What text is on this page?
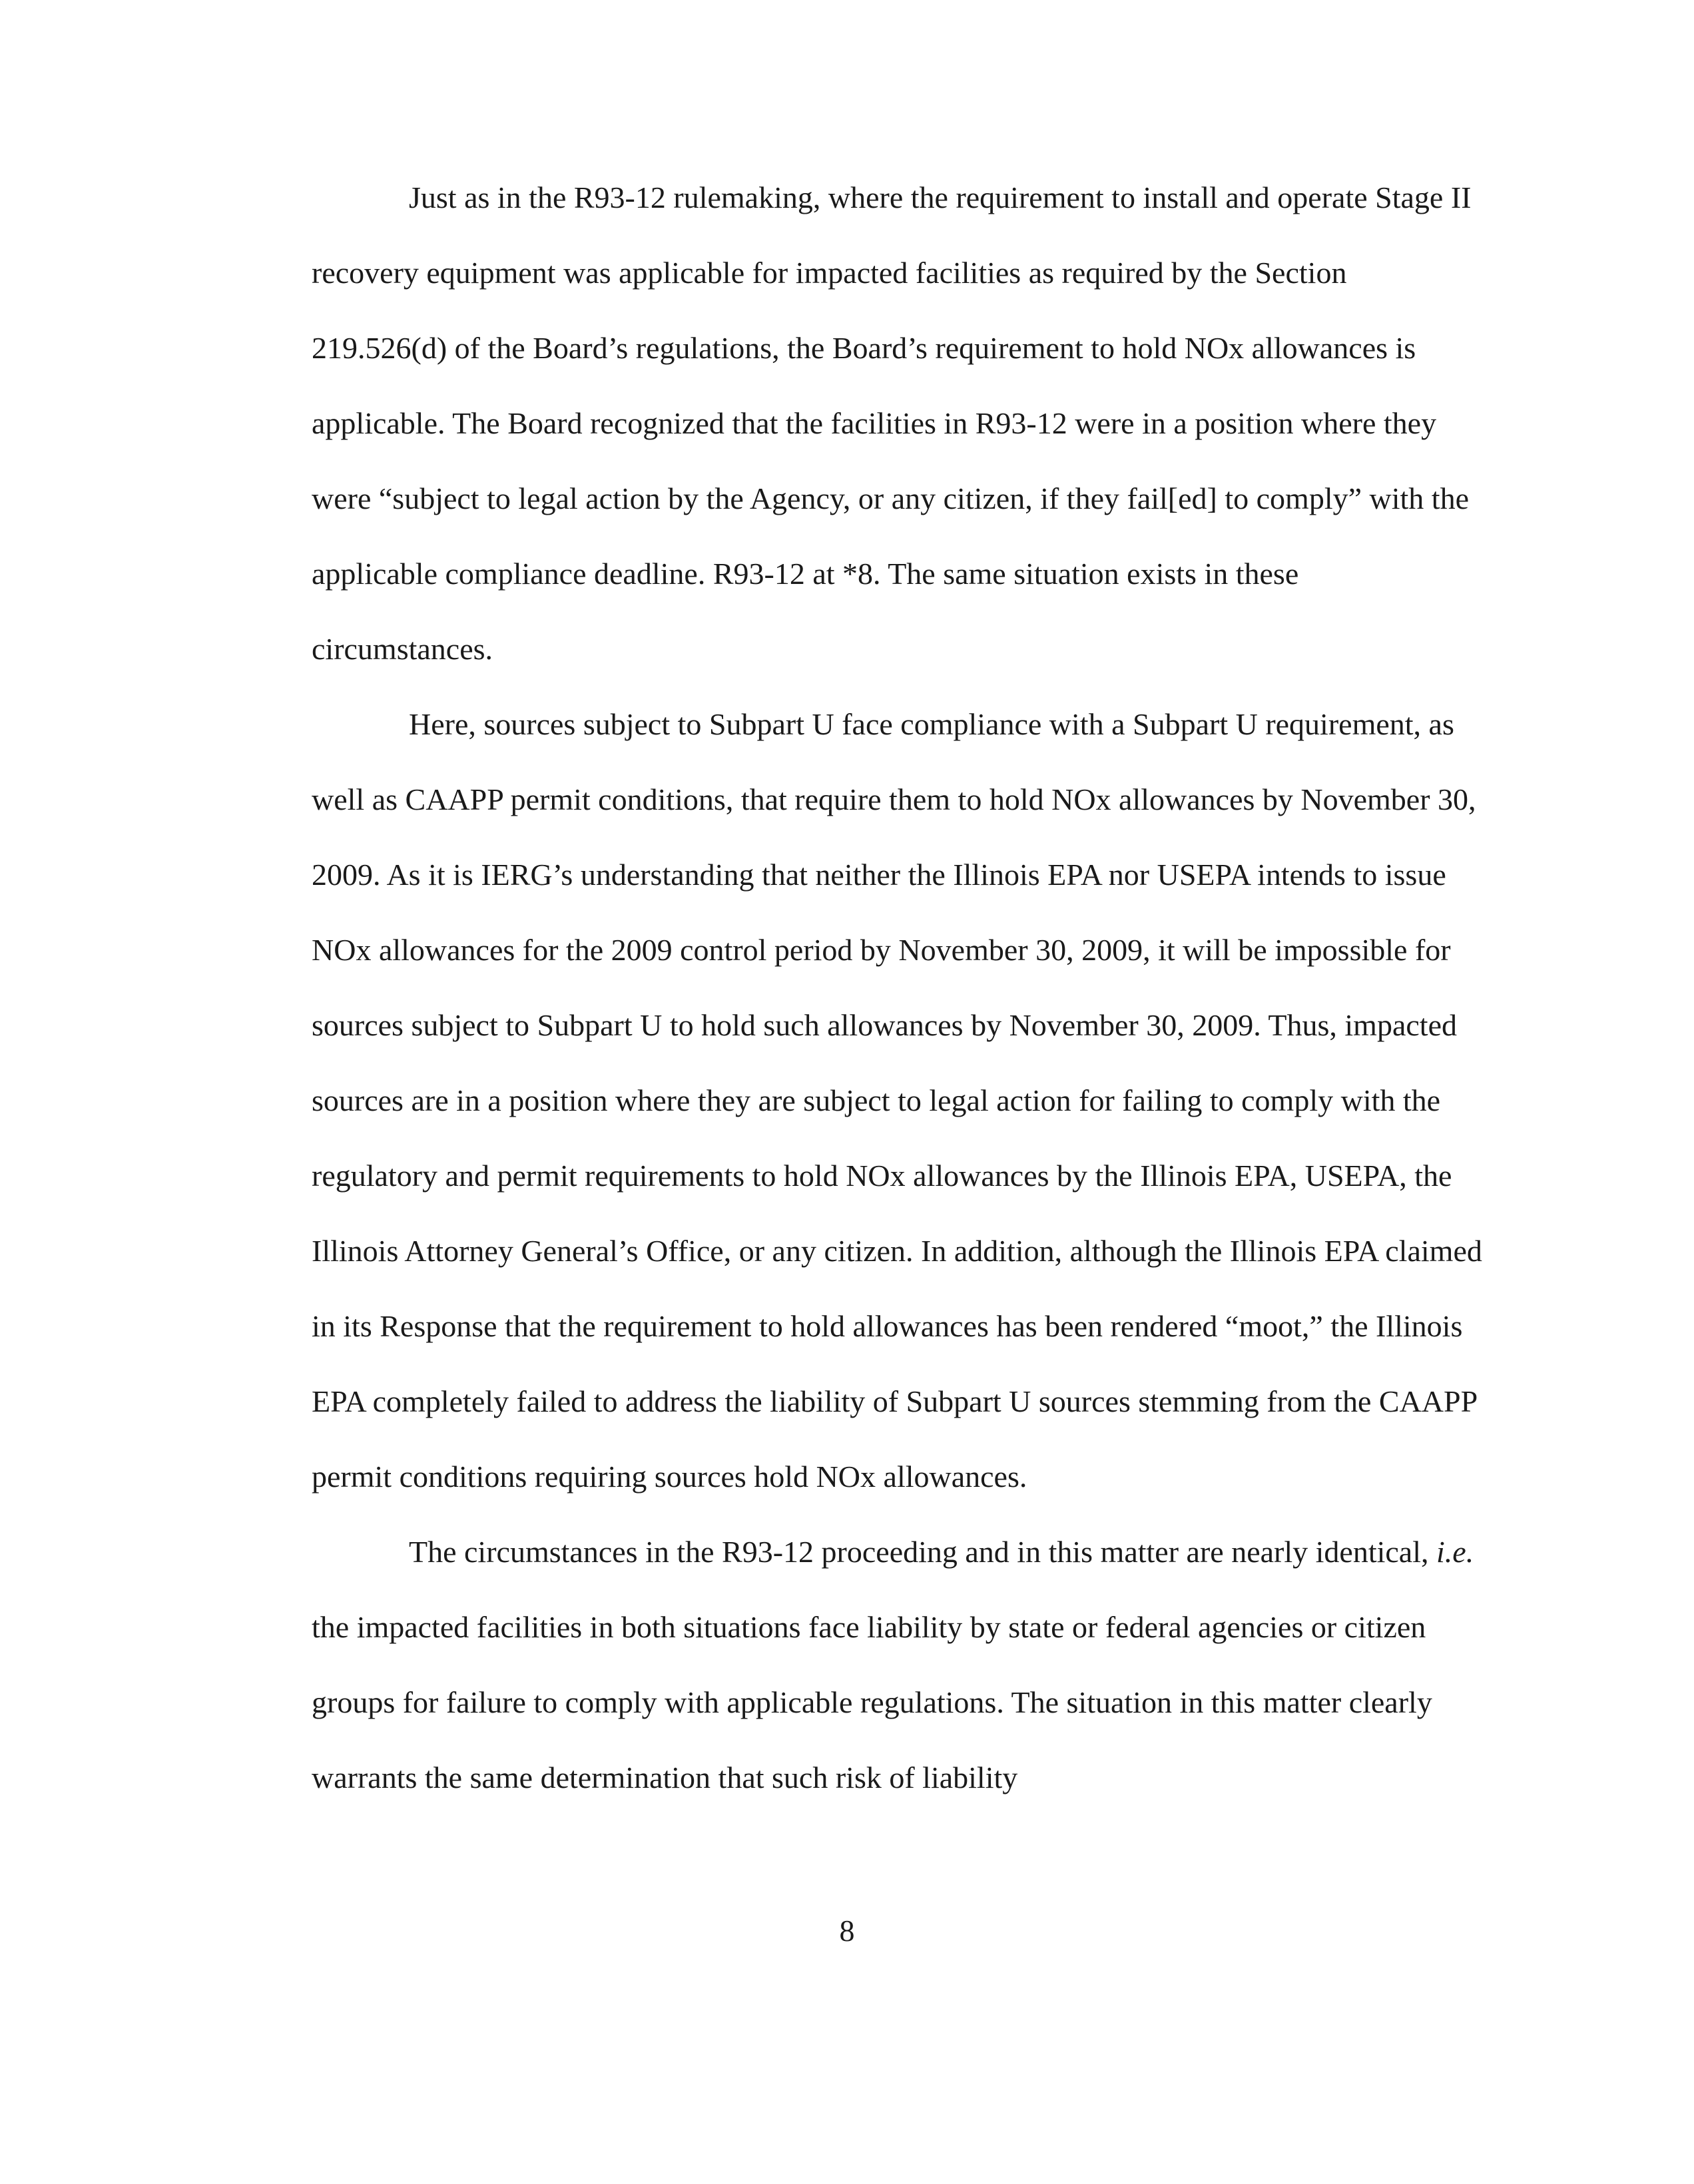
Just as in the R93-12 rulemaking, where the requirement to install and operate Stage II recovery equipment was applicable for impacted facilities as required by the Section 219.526(d) of the Board’s regulations, the Board’s requirement to hold NOx allowances is applicable. The Board recognized that the facilities in R93-12 were in a position where they were “subject to legal action by the Agency, or any citizen, if they fail[ed] to comply” with the applicable compliance deadline. R93-12 at *8. The same situation exists in these circumstances.

Here, sources subject to Subpart U face compliance with a Subpart U requirement, as well as CAAPP permit conditions, that require them to hold NOx allowances by November 30, 2009. As it is IERG’s understanding that neither the Illinois EPA nor USEPA intends to issue NOx allowances for the 2009 control period by November 30, 2009, it will be impossible for sources subject to Subpart U to hold such allowances by November 30, 2009. Thus, impacted sources are in a position where they are subject to legal action for failing to comply with the regulatory and permit requirements to hold NOx allowances by the Illinois EPA, USEPA, the Illinois Attorney General’s Office, or any citizen. In addition, although the Illinois EPA claimed in its Response that the requirement to hold allowances has been rendered “moot,” the Illinois EPA completely failed to address the liability of Subpart U sources stemming from the CAAPP permit conditions requiring sources hold NOx allowances.

The circumstances in the R93-12 proceeding and in this matter are nearly identical, i.e. the impacted facilities in both situations face liability by state or federal agencies or citizen groups for failure to comply with applicable regulations. The situation in this matter clearly warrants the same determination that such risk of liability

8
